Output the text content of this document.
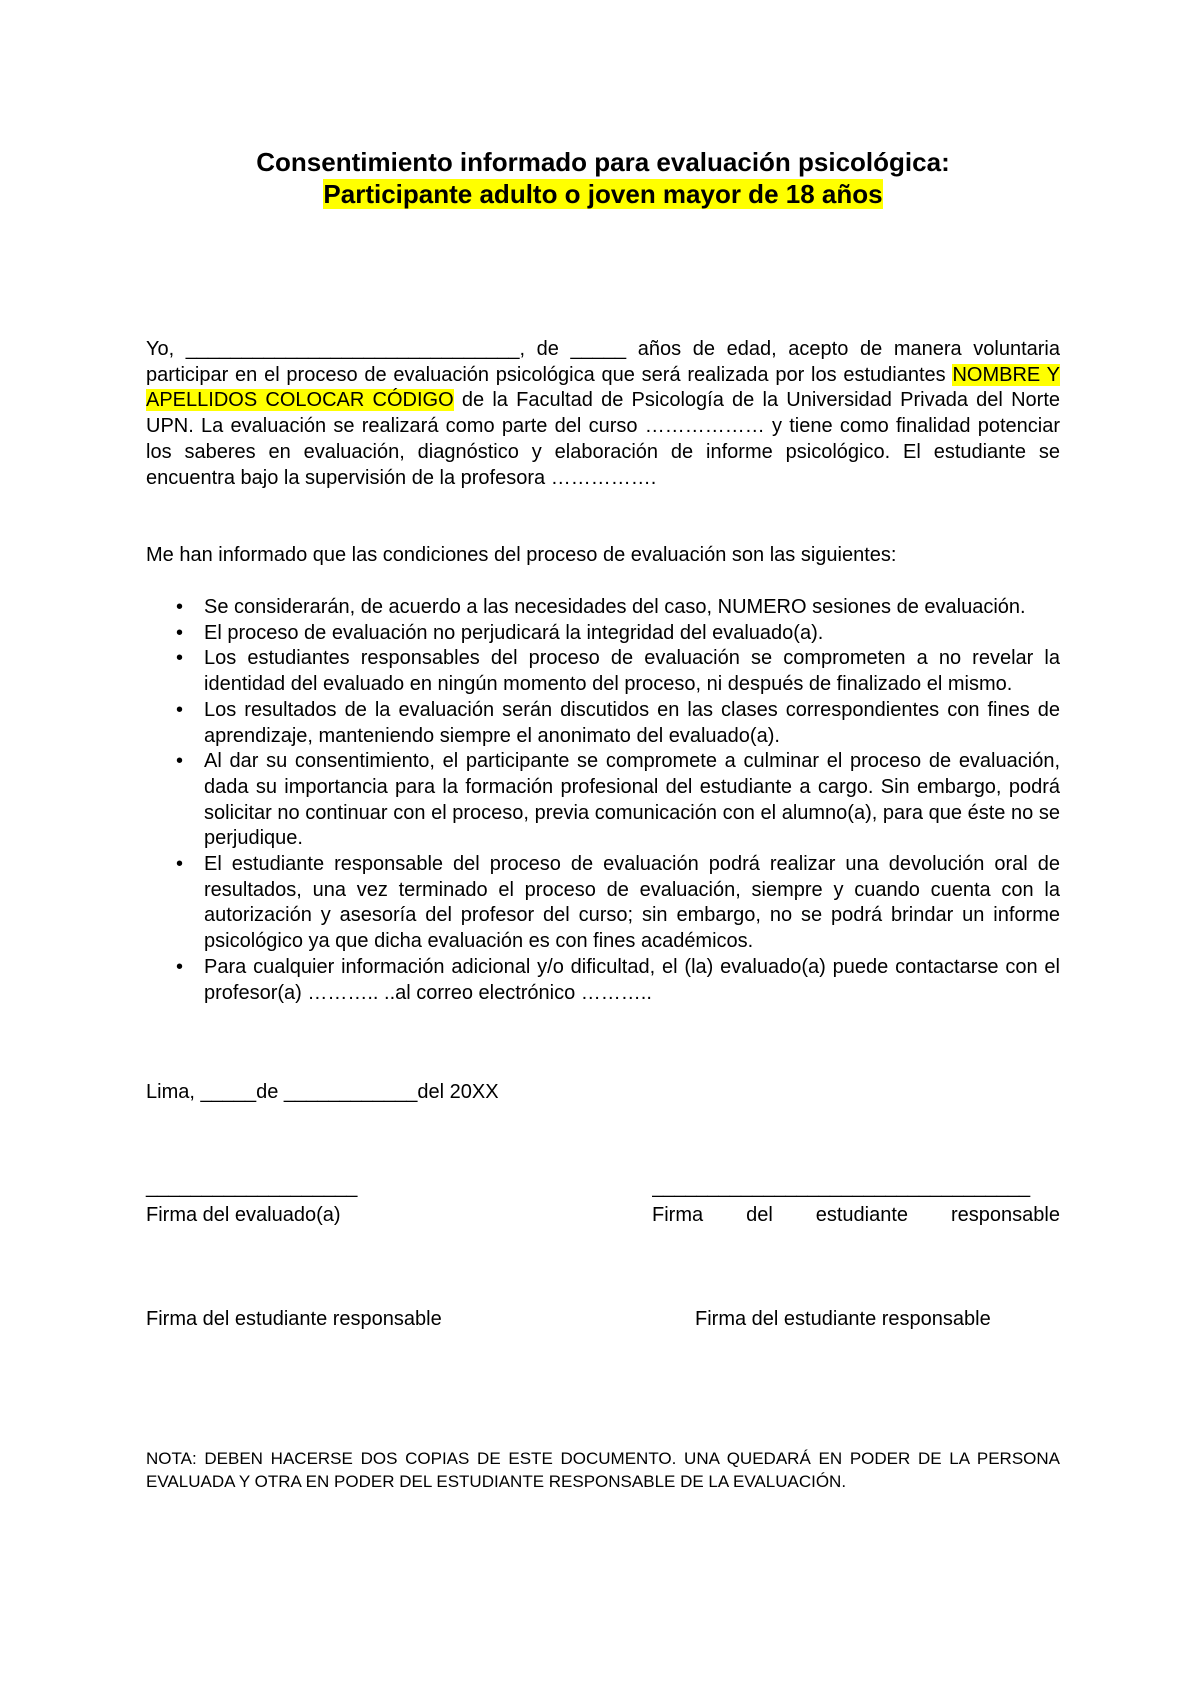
Consentimiento informado para evaluación psicológica:
Participante adulto o joven mayor de 18 años
Yo, ______________________________, de _____ años de edad, acepto de manera voluntaria participar en el proceso de evaluación psicológica que será realizada por los estudiantes NOMBRE Y APELLIDOS COLOCAR CÓDIGO de la Facultad de Psicología de la Universidad Privada del Norte UPN. La evaluación se realizará como parte del curso ……………… y tiene como finalidad potenciar los saberes en evaluación, diagnóstico y elaboración de informe psicológico. El estudiante se encuentra bajo la supervisión de la profesora …………….
Me han informado que las condiciones del proceso de evaluación son las siguientes:
• Se considerarán, de acuerdo a las necesidades del caso, NUMERO sesiones de evaluación.
• El proceso de evaluación no perjudicará la integridad del evaluado(a).
• Los estudiantes responsables del proceso de evaluación se comprometen a no revelar la identidad del evaluado en ningún momento del proceso, ni después de finalizado el mismo.
• Los resultados de la evaluación serán discutidos en las clases correspondientes con fines de aprendizaje, manteniendo siempre el anonimato del evaluado(a).
• Al dar su consentimiento, el participante se compromete a culminar el proceso de evaluación, dada su importancia para la formación profesional del estudiante a cargo. Sin embargo, podrá solicitar no continuar con el proceso, previa comunicación con el alumno(a), para que éste no se perjudique.
• El estudiante responsable del proceso de evaluación podrá realizar una devolución oral de resultados, una vez terminado el proceso de evaluación, siempre y cuando cuenta con la autorización y asesoría del profesor del curso; sin embargo, no se podrá brindar un informe psicológico ya que dicha evaluación es con fines académicos.
• Para cualquier información adicional y/o dificultad, el (la) evaluado(a) puede contactarse con el profesor(a) ……….. ..al correo electrónico ………..
Lima, _____de ____________del 20XX
___________________	__________________________________
Firma del evaluado(a)	Firma del estudiante responsable
Firma del estudiante responsable	Firma del estudiante responsable
NOTA: DEBEN HACERSE DOS COPIAS DE ESTE DOCUMENTO. UNA QUEDARÁ EN PODER DE LA PERSONA EVALUADA Y OTRA EN PODER DEL ESTUDIANTE RESPONSABLE DE LA EVALUACIÓN.
